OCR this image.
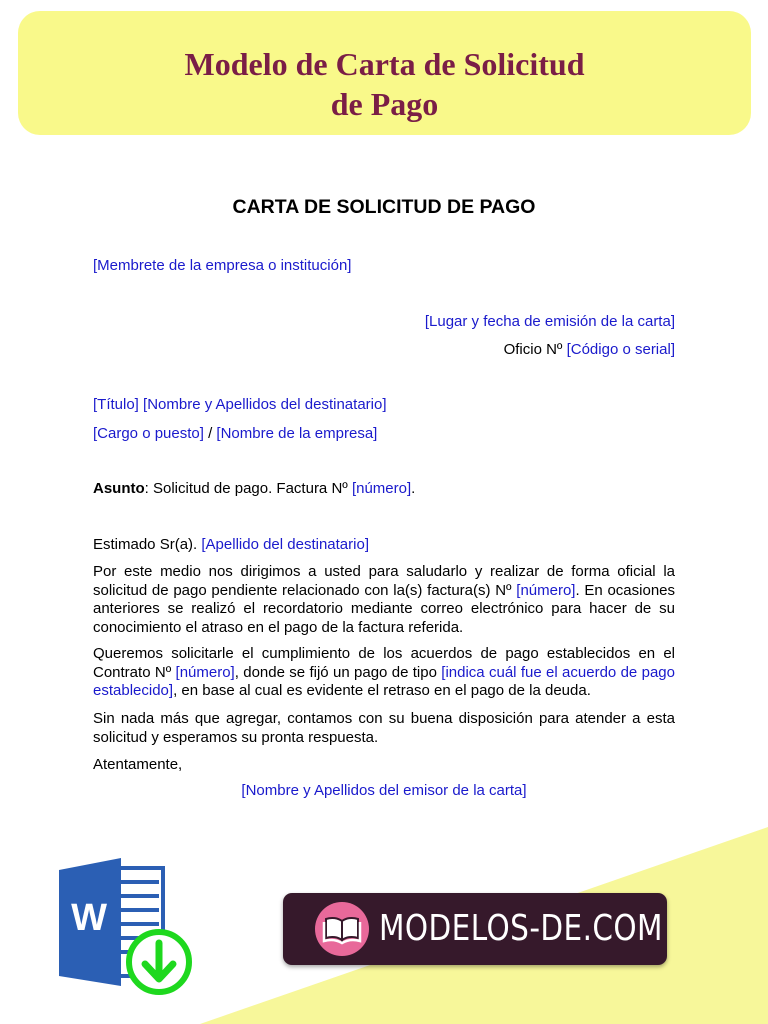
Modelo de Carta de Solicitud
de Pago
CARTA DE SOLICITUD DE PAGO
[Membrete de la empresa o institución]
[Lugar y fecha de emisión de la carta]
Oficio Nº [Código o serial]
[Título] [Nombre y Apellidos del destinatario]
[Cargo o puesto] / [Nombre de la empresa]
Asunto: Solicitud de pago. Factura Nº [número].
Estimado Sr(a). [Apellido del destinatario]
Por este medio nos dirigimos a usted para saludarlo y realizar de forma oficial la solicitud de pago pendiente relacionado con la(s) factura(s) Nº [número]. En ocasiones anteriores se realizó el recordatorio mediante correo electrónico para hacer de su conocimiento el atraso en el pago de la factura referida.
Queremos solicitarle el cumplimiento de los acuerdos de pago establecidos en el Contrato Nº [número], donde se fijó un pago de tipo [indica cuál fue el acuerdo de pago establecido], en base al cual es evidente el retraso en el pago de la deuda.
Sin nada más que agregar, contamos con su buena disposición para atender a esta solicitud y esperamos su pronta respuesta.
Atentamente,
[Nombre y Apellidos del emisor de la carta]
W	MODELOS-DE.COM
